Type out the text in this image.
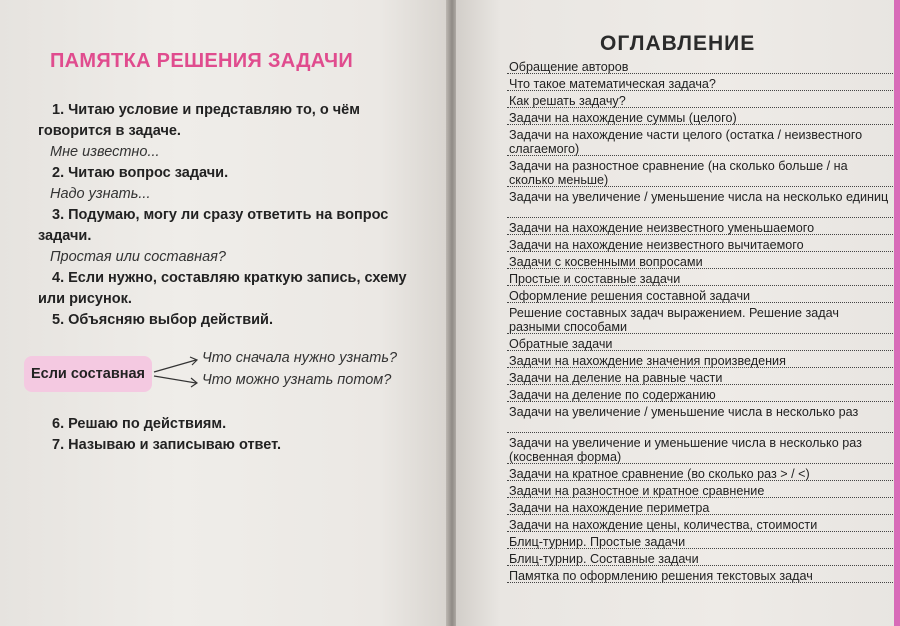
ПАМЯТКА РЕШЕНИЯ ЗАДАЧИ

1. Читаю условие и представляю то, о чём говорится в задаче.

Мне известно...

2. Читаю вопрос задачи.

Надо узнать...

3. Подумаю, могу ли сразу ответить на вопрос задачи.

Простая или составная?

4. Если нужно, составляю краткую запись, схему или рисунок.

5. Объясняю выбор действий.

Если составная
Что сначала нужно узнать?
Что можно узнать потом?

6. Решаю по действиям.

7. Называю и записываю ответ.

ОГЛАВЛЕНИЕ
Обращение авторов
Что такое математическая задача?
Как решать задачу?
Задачи на нахождение суммы (целого)
Задачи на нахождение части целого (остатка / неизвестного слагаемого)
Задачи на разностное сравнение (на сколько больше / на сколько меньше)
Задачи на увеличение / уменьшение числа на несколько единиц
Задачи на нахождение неизвестного уменьшаемого
Задачи на нахождение неизвестного вычитаемого
Задачи с косвенными вопросами
Простые и составные задачи
Оформление решения составной задачи
Решение составных задач выражением. Решение задач разными способами
Обратные задачи
Задачи на нахождение значения произведения
Задачи на деление на равные части
Задачи на деление по содержанию
Задачи на увеличение / уменьшение числа в несколько раз
Задачи на увеличение и уменьшение числа в несколько раз (косвенная форма)
Задачи на кратное сравнение (во сколько раз > / <)
Задачи на разностное и кратное сравнение
Задачи на нахождение периметра
Задачи на нахождение цены, количества, стоимости
Блиц-турнир. Простые задачи
Блиц-турнир. Составные задачи
Памятка по оформлению решения текстовых задач
